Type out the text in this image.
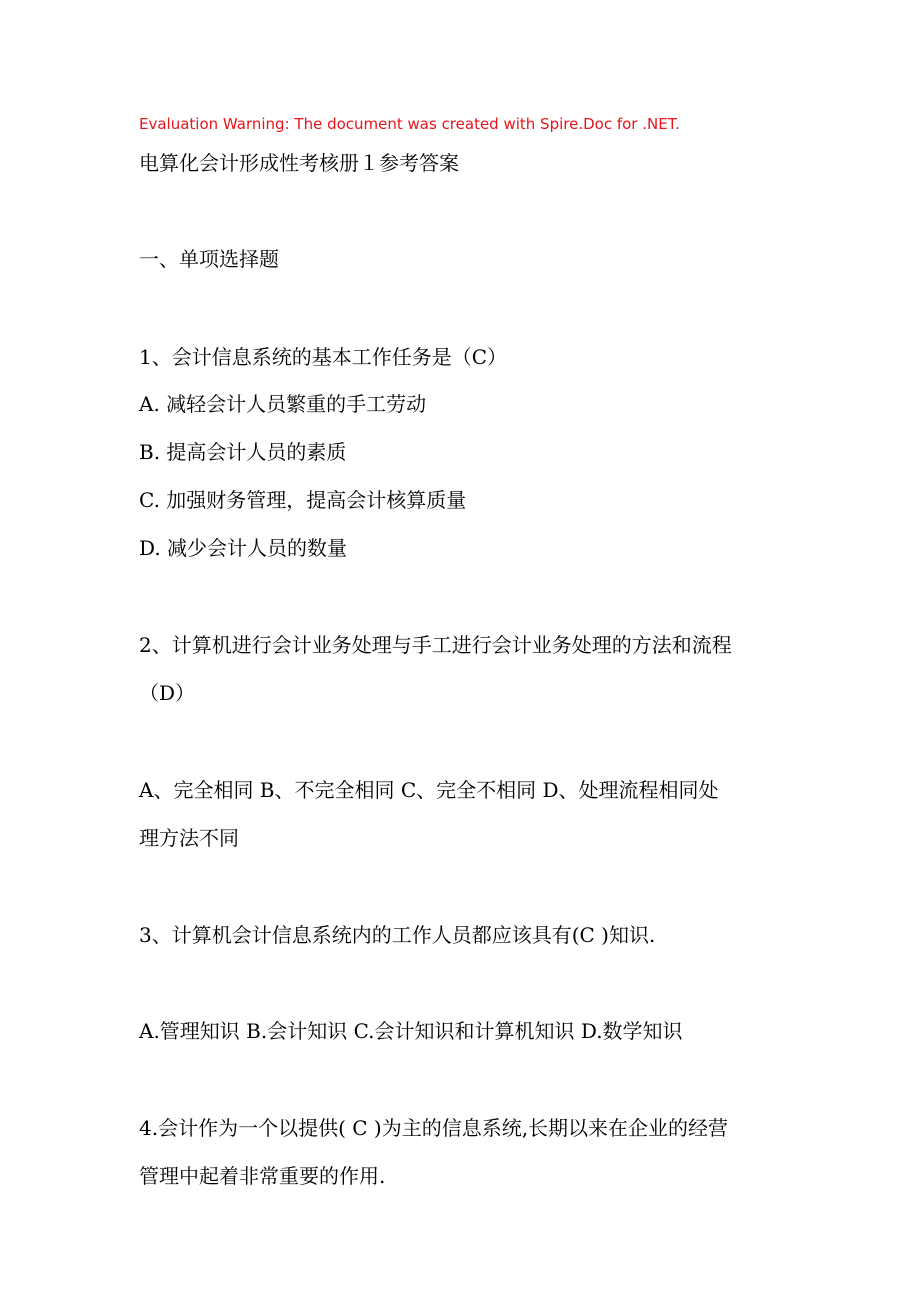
Evaluation Warning: The document was created with Spire.Doc for .NET.
电算化会计形成性考核册１参考答案
一、单项选择题
1、会计信息系统的基本工作任务是（C）
A. 减轻会计人员繁重的手工劳动
B. 提高会计人员的素质
C. 加强财务管理，提高会计核算质量
D. 减少会计人员的数量
2、计算机进行会计业务处理与手工进行会计业务处理的方法和流程
（D）
A、完全相同 B、不完全相同 C、完全不相同 D、处理流程相同处
理方法不同
3、计算机会计信息系统内的工作人员都应该具有(C )知识.
A.管理知识 B.会计知识 C.会计知识和计算机知识 D.数学知识
4.会计作为一个以提供( C )为主的信息系统,长期以来在企业的经营
管理中起着非常重要的作用.
